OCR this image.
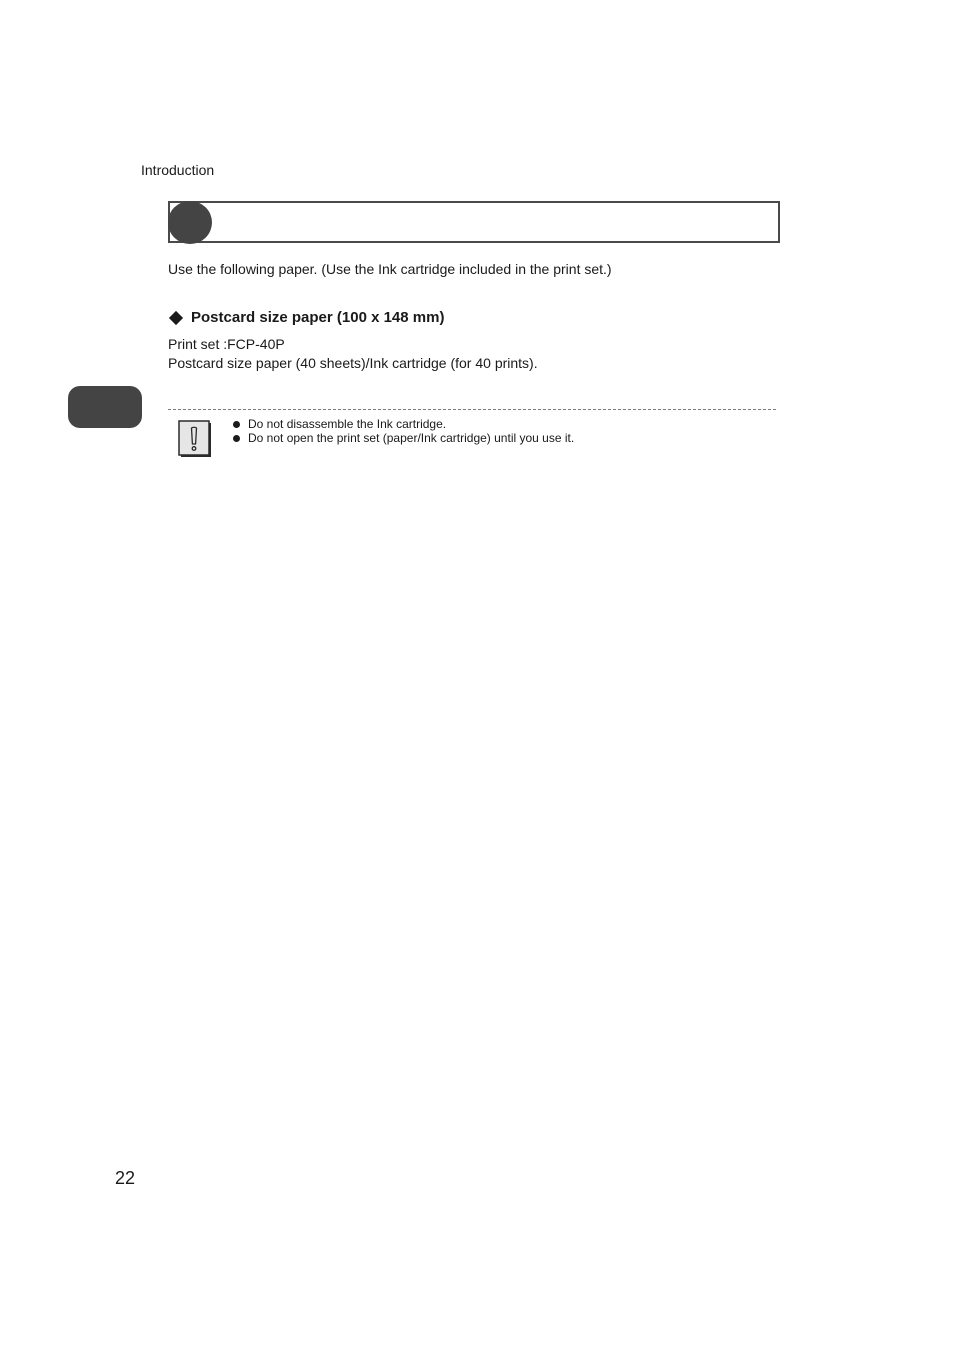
Introduction
Use the following paper. (Use the Ink cartridge included in the print set.)
Postcard size paper (100 x 148 mm)
Print set :FCP-40P
Postcard size paper (40 sheets)/Ink cartridge (for 40 prints).
Do not disassemble the Ink cartridge.
Do not open the print set (paper/Ink cartridge) until you use it.
22
